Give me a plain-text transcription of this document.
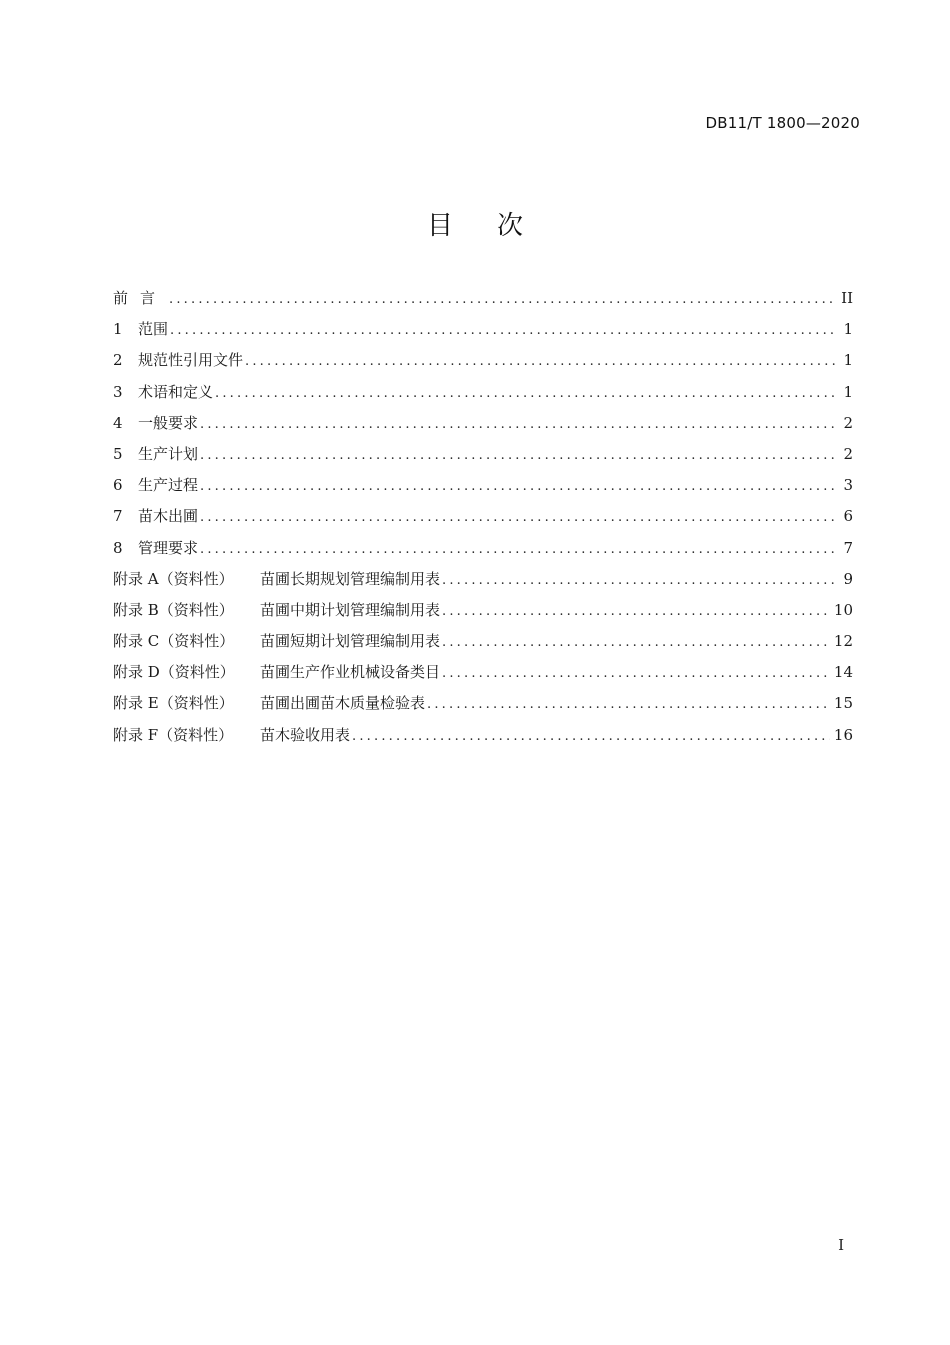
DB11/T 1800—2020
目次
前言 .....	II
1 范围 .....	1
2 规范性引用文件 .....	1
3 术语和定义 .....	1
4 一般要求 .....	2
5 生产计划 .....	2
6 生产过程 .....	3
7 苗木出圃 .....	6
8 管理要求 .....	7
附录 A（资料性） 苗圃长期规划管理编制用表 .....	9
附录 B（资料性） 苗圃中期计划管理编制用表 .....	10
附录 C（资料性） 苗圃短期计划管理编制用表 .....	12
附录 D（资料性） 苗圃生产作业机械设备类目 .....	14
附录 E（资料性） 苗圃出圃苗木质量检验表 .....	15
附录 F（资料性） 苗木验收用表 .....	16
I
